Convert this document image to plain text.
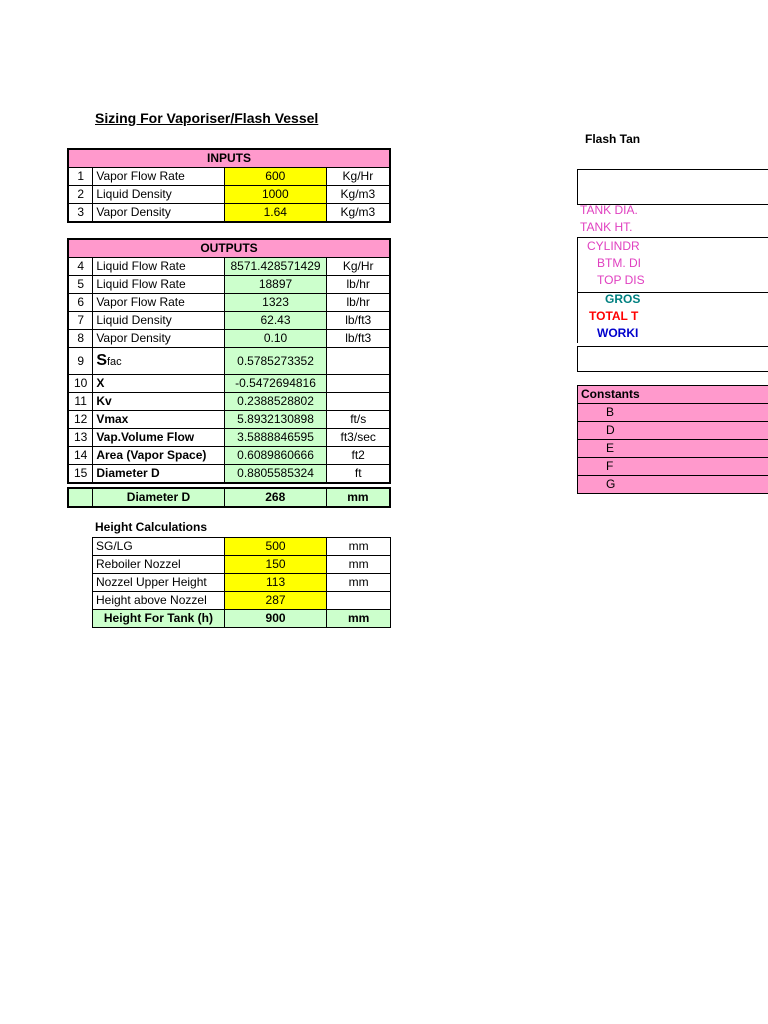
Sizing For Vaporiser/Flash Vessel
INPUTS			
1	Vapor Flow Rate	600	Kg/Hr
2	Liquid Density	1000	Kg/m3
3	Vapor Density	1.64	Kg/m3
OUTPUTS			
4	Liquid Flow Rate	8571.428571429	Kg/Hr
5	Liquid Flow Rate	18897	lb/hr
6	Vapor Flow Rate	1323	lb/hr
7	Liquid Density	62.43	lb/ft3
8	Vapor Density	0.10	lb/ft3
9	Sfac	0.5785273352	
10	X	-0.5472694816	
11	Kv	0.2388528802	
12	Vmax	5.8932130898	ft/s
13	Vap.Volume Flow	3.5888846595	ft3/sec
14	Area (Vapor Space)	0.6089860666	ft2
15	Diameter D	0.8805585324	ft
	Diameter D	268	mm
Height Calculations
SG/LG	500	mm
Reboiler Nozzel	150	mm
Nozzel Upper Height	113	mm
Height above Nozzel	287	
Height For Tank (h)	900	mm
Flash Tan
TANK DIA.
TANK HT.
CYLINDR
BTM. DI
TOP DIS
GROS
TOTAL T
WORKI
Constants
B
D
E
F
G
